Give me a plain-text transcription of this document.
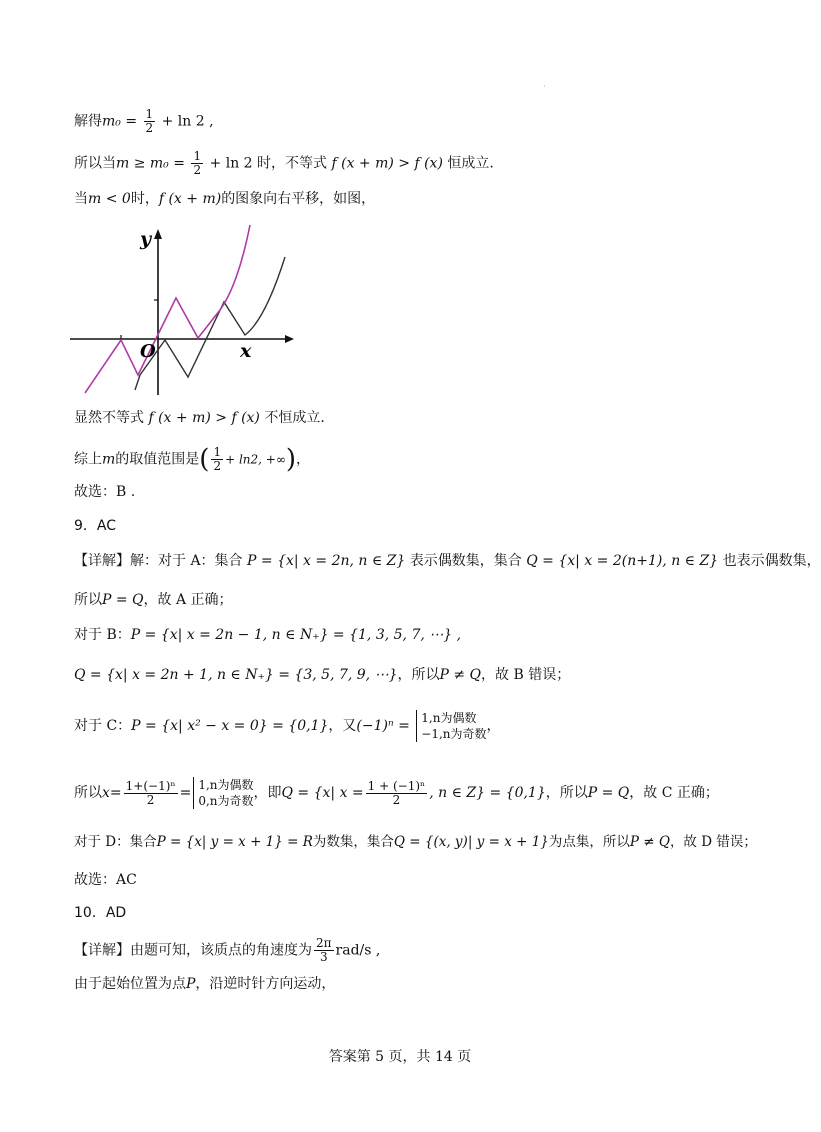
·
解得$m_0 = \frac{1}{2} + \ln 2$ ,
所以当$m \ge m_0 = \frac{1}{2} + \ln 2$ 时，不等式 f (x + m) > f (x) 恒成立.
当m < 0时，f (x + m)的图象向右平移，如图，
y
x
O
显然不等式 f (x + m) > f (x) 不恒成立.
综上m的取值范围是( $\frac{1}{2} + \ln 2$, +∞)，
故选：B .
9．AC
【详解】解：对于 A：集合 P = {x| x = 2n, n ∈ Z} 表示偶数集，集合 Q = {x| x = 2(n+1), n ∈ Z} 也表示偶数集，
所以P = Q，故 A 正确；
对于 B：P = {x| x = 2n − 1, n ∈ N₊} = {1, 3, 5, 7, ⋯} ,
Q = {x| x = 2n + 1, n ∈ N₊} = {3, 5, 7, 9, ⋯}，所以P ≠ Q，故 B 错误；
对于 C：P = {x| x² − x = 0} = {0,1}，又(−1)ⁿ = 1,n为偶数
−1,n为奇数 ，
所以$x= \frac{\text{1+(−1)ⁿ}}{2} = 1,n$为偶数
0,n为奇数 ，即Q = {x| $x = \frac{\text{1 + (−1)ⁿ}}{2}$ , n ∈ Z} = {0,1}，所以P = Q，故 C 正确；
对于 D：集合P = {x| y = x + 1} = R为数集，集合Q = {(x, y)| y = x + 1}为点集，所以P ≠ Q，故 D 错误；
故选：AC
10．AD
【详解】由题可知，该质点的角速度为 $\frac{2\pi}{3} rad/s$ ,
由于起始位置为点P，沿逆时针方向运动，
答案第 5 页，共 14 页
